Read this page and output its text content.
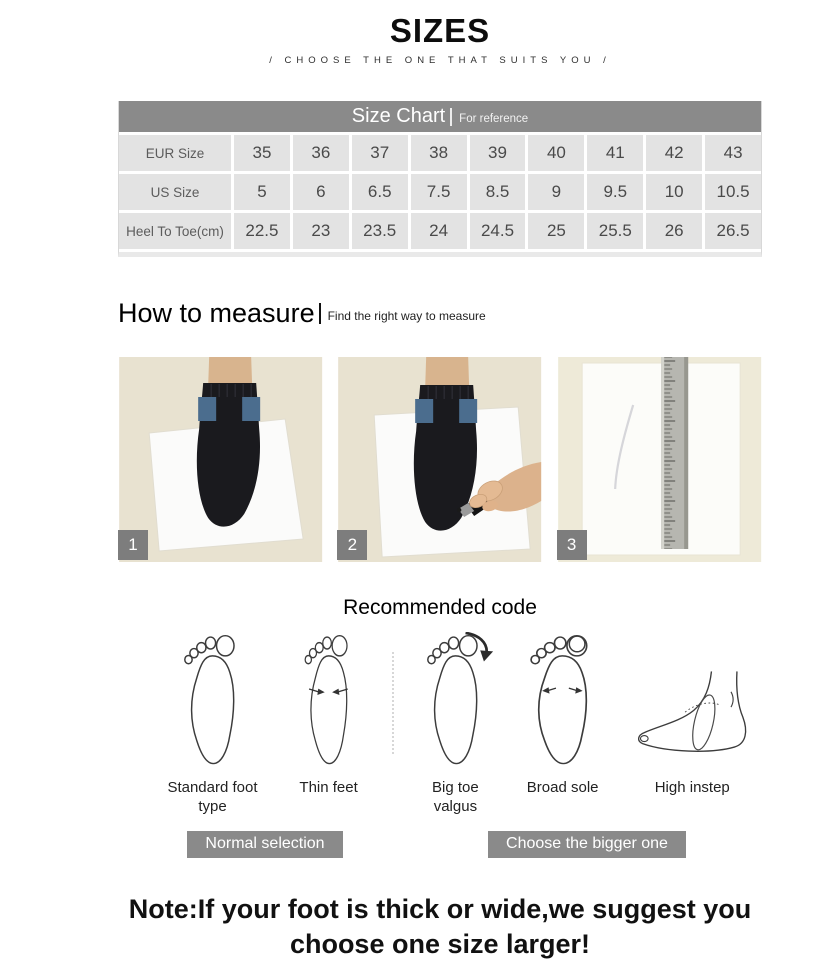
SIZES
/ CHOOSE THE ONE THAT SUITS YOU /
Size Chart For reference
EUR Size	35	36	37	38	39	40	41	42	43
US Size	5	6	6.5	7.5	8.5	9	9.5	10	10.5
Heel To Toe(cm)	22.5	23	23.5	24	24.5	25	25.5	26	26.5
How to measure Find the right way to measure
1	2	3
Recommended code
Standard foot type
Thin feet	Big toe valgus
Broad sole	High instep
Normal selection	Choose the bigger one
Note:If your foot is thick or wide,we suggest you choose one size larger!
